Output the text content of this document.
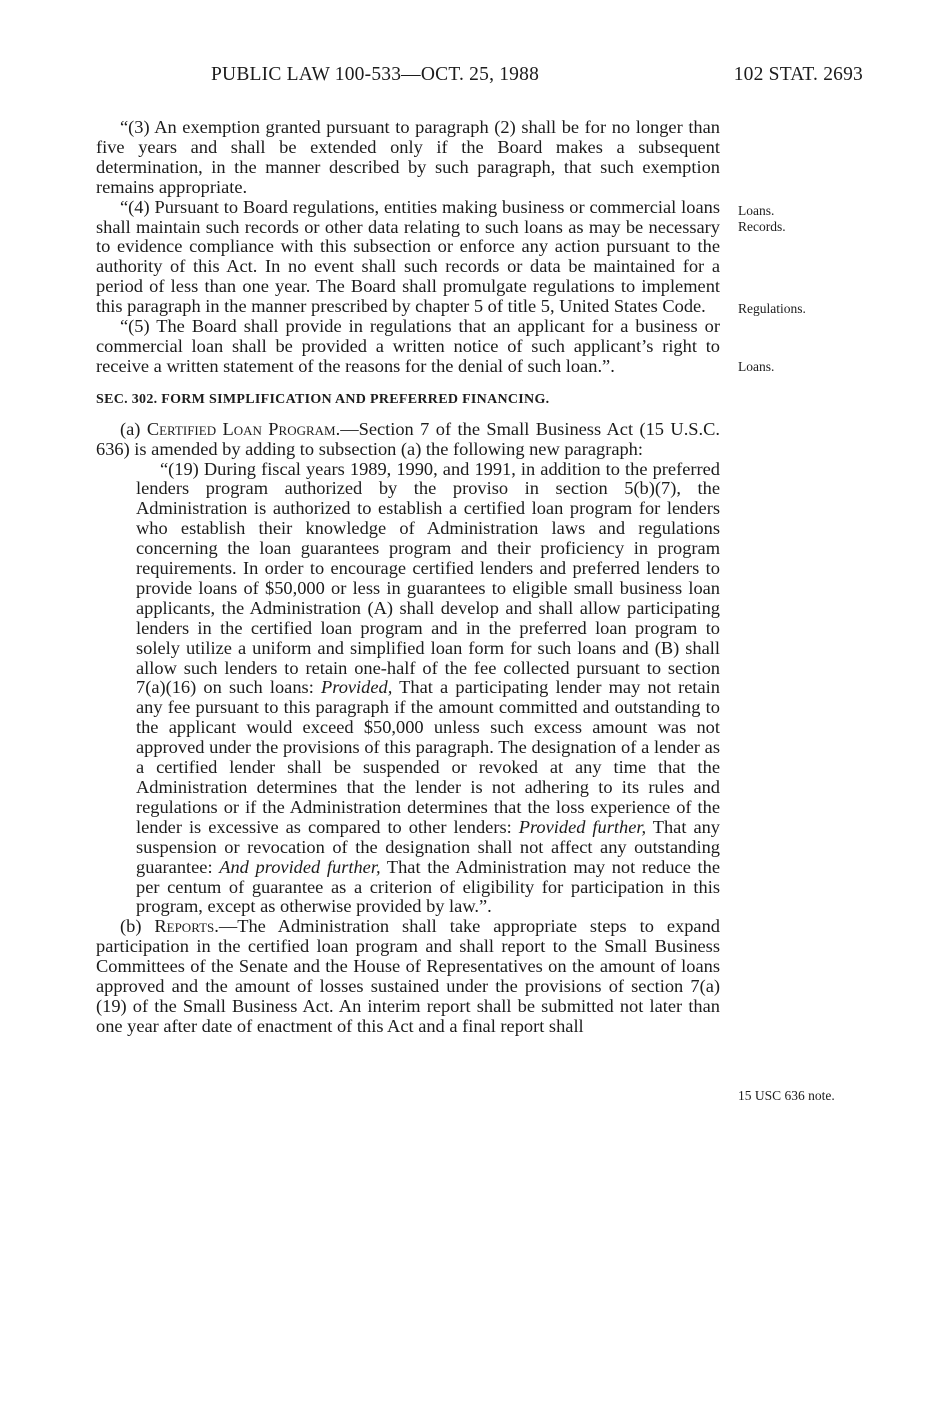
PUBLIC LAW 100-533—OCT. 25, 1988	102 STAT. 2693

“(3) An exemption granted pursuant to paragraph (2) shall be for no longer than five years and shall be extended only if the Board makes a subsequent determination, in the manner described by such paragraph, that such exemption remains appropriate.

“(4) Pursuant to Board regulations, entities making business or commercial loans shall maintain such records or other data relating to such loans as may be necessary to evidence compliance with this subsection or enforce any action pursuant to the authority of this Act. In no event shall such records or data be maintained for a period of less than one year. The Board shall promulgate regulations to implement this paragraph in the manner prescribed by chapter 5 of title 5, United States Code.

“(5) The Board shall provide in regulations that an applicant for a business or commercial loan shall be provided a written notice of such applicant’s right to receive a written statement of the reasons for the denial of such loan.”.

SEC. 302. FORM SIMPLIFICATION AND PREFERRED FINANCING.

(a) Certified Loan Program.—Section 7 of the Small Business Act (15 U.S.C. 636) is amended by adding to subsection (a) the following new paragraph:

“(19) During fiscal years 1989, 1990, and 1991, in addition to the preferred lenders program authorized by the proviso in section 5(b)(7), the Administration is authorized to establish a certified loan program for lenders who establish their knowledge of Administration laws and regulations concerning the loan guarantees program and their proficiency in program requirements. In order to encourage certified lenders and preferred lenders to provide loans of $50,000 or less in guarantees to eligible small business loan applicants, the Administration (A) shall develop and shall allow participating lenders in the certified loan program and in the preferred loan program to solely utilize a uniform and simplified loan form for such loans and (B) shall allow such lenders to retain one-half of the fee collected pursuant to section 7(a)(16) on such loans: Provided, That a participating lender may not retain any fee pursuant to this paragraph if the amount committed and outstanding to the applicant would exceed $50,000 unless such excess amount was not approved under the provisions of this paragraph. The designation of a lender as a certified lender shall be suspended or revoked at any time that the Administration determines that the lender is not adhering to its rules and regulations or if the Administration determines that the loss experience of the lender is excessive as compared to other lenders: Provided further, That any suspension or revocation of the designation shall not affect any outstanding guarantee: And provided further, That the Administration may not reduce the per centum of guarantee as a criterion of eligibility for participation in this program, except as otherwise provided by law.”.

(b) Reports.—The Administration shall take appropriate steps to expand participation in the certified loan program and shall report to the Small Business Committees of the Senate and the House of Representatives on the amount of loans approved and the amount of losses sustained under the provisions of section 7(a)(19) of the Small Business Act. An interim report shall be submitted not later than one year after date of enactment of this Act and a final report shall

Loans.
Records.
Regulations.
Loans.
15 USC 636 note.
